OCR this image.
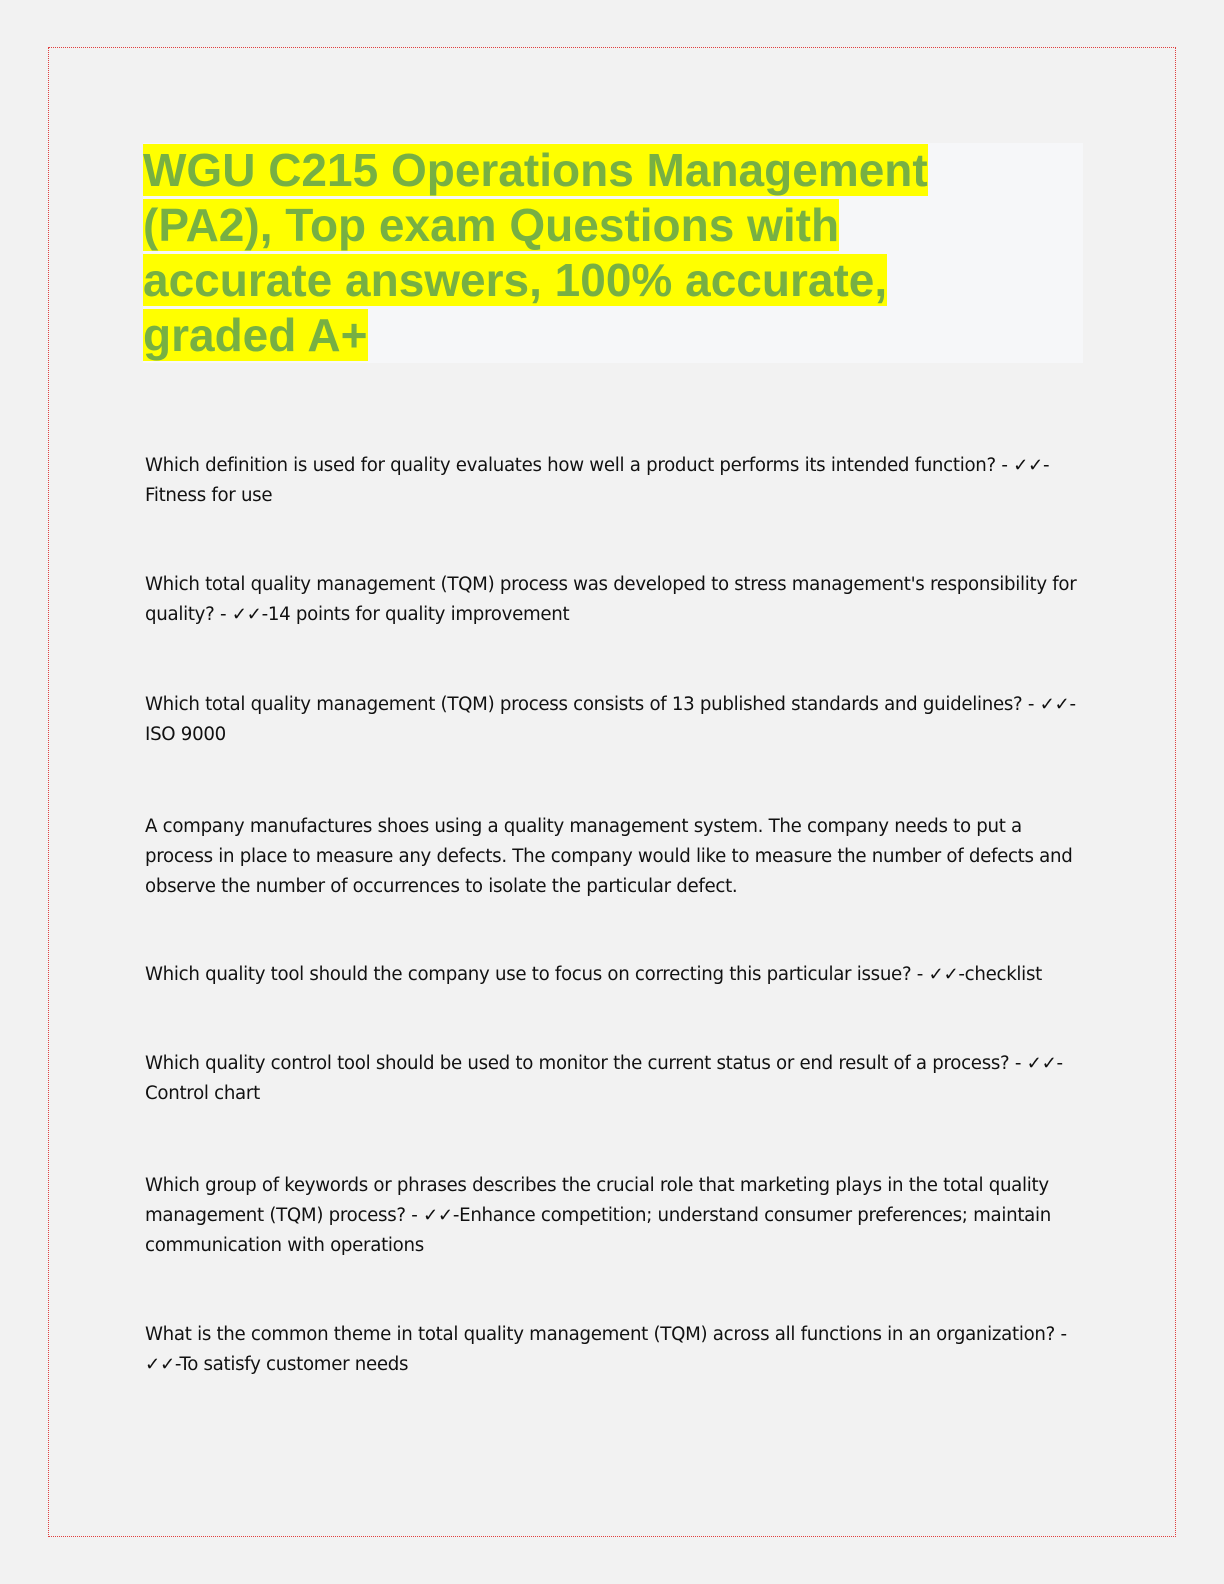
WGU C215 Operations Management
(PA2), Top exam Questions with
accurate answers, 100% accurate,
graded A+

Which definition is used for quality evaluates how well a product performs its intended function? - ✓✓-Fitness for use

Which total quality management (TQM) process was developed to stress management's responsibility for quality? - ✓✓-14 points for quality improvement

Which total quality management (TQM) process consists of 13 published standards and guidelines? - ✓✓-ISO 9000

A company manufactures shoes using a quality management system. The company needs to put a process in place to measure any defects. The company would like to measure the number of defects and observe the number of occurrences to isolate the particular defect.

Which quality tool should the company use to focus on correcting this particular issue? - ✓✓-checklist

Which quality control tool should be used to monitor the current status or end result of a process? - ✓✓-Control chart

Which group of keywords or phrases describes the crucial role that marketing plays in the total quality management (TQM) process? - ✓✓-Enhance competition; understand consumer preferences; maintain communication with operations

What is the common theme in total quality management (TQM) across all functions in an organization? - ✓✓-To satisfy customer needs
